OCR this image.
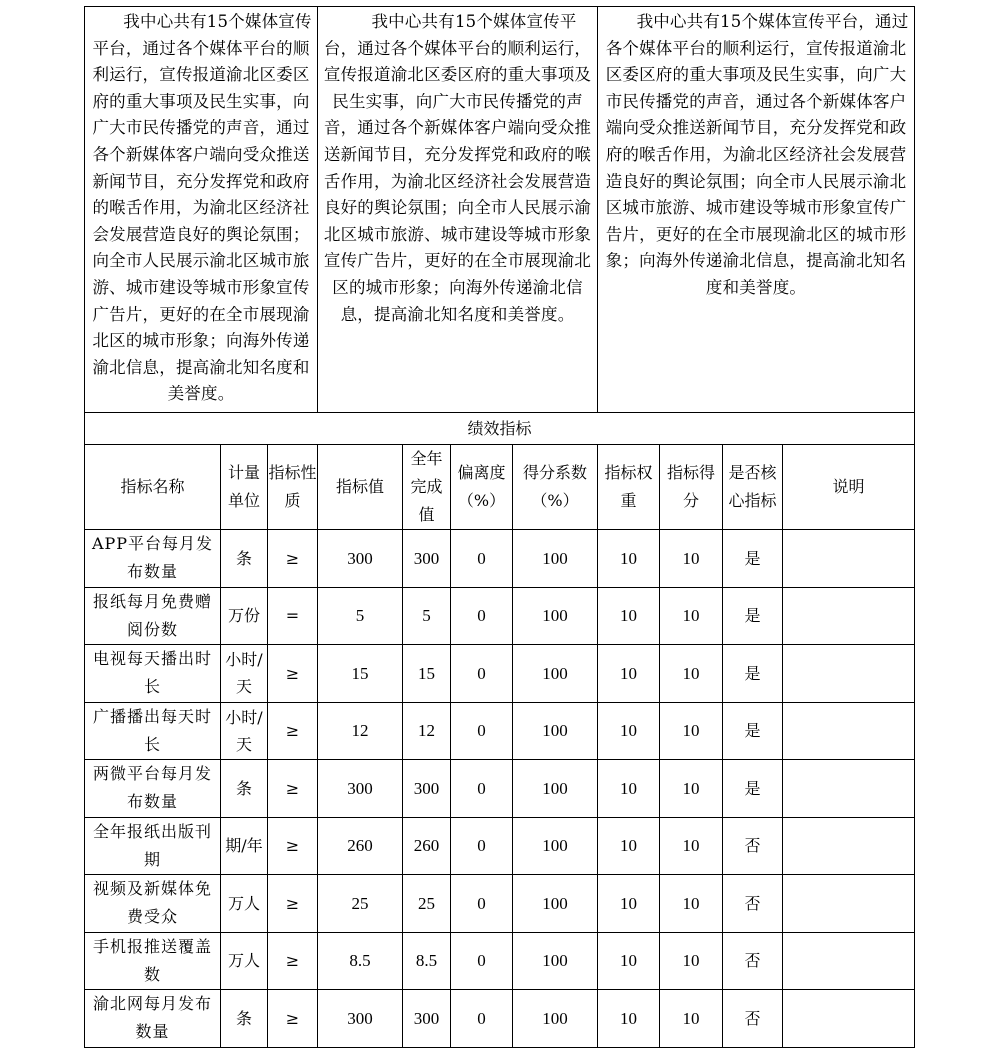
我中心共有15个媒体宣传平台，通过各个媒体平台的顺利运行，宣传报道渝北区委区府的重大事项及民生实事，向广大市民传播党的声音，通过各个新媒体客户端向受众推送新闻节目，充分发挥党和政府的喉舌作用，为渝北区经济社会发展营造良好的舆论氛围；向全市人民展示渝北区城市旅游、城市建设等城市形象宣传广告片，更好的在全市展现渝北区的城市形象；向海外传递渝北信息，提高渝北知名度和美誉度。			我中心共有15个媒体宣传平台，通过各个媒体平台的顺利运行，宣传报道渝北区委区府的重大事项及民生实事，向广大市民传播党的声音，通过各个新媒体客户端向受众推送新闻节目，充分发挥党和政府的喉舌作用，为渝北区经济社会发展营造良好的舆论氛围；向全市人民展示渝北区城市旅游、城市建设等城市形象宣传广告片，更好的在全市展现渝北区的城市形象；向海外传递渝北信息，提高渝北知名度和美誉度。				我中心共有15个媒体宣传平台，通过各个媒体平台的顺利运行，宣传报道渝北区委区府的重大事项及民生实事，向广大市民传播党的声音，通过各个新媒体客户端向受众推送新闻节目，充分发挥党和政府的喉舌作用，为渝北区经济社会发展营造良好的舆论氛围；向全市人民展示渝北区城市旅游、城市建设等城市形象宣传广告片，更好的在全市展现渝北区的城市形象；向海外传递渝北信息，提高渝北知名度和美誉度。			
绩效指标										
指标名称	计量单位	指标性质	指标值	全年完成值	偏离度（%）	得分系数（%）	指标权重	指标得分	是否核心指标	说明
APP平台每月发布数量	条	≥	300	300	0	100	10	10	是	
报纸每月免费赠阅份数	万份	=	5	5	0	100	10	10	是	
电视每天播出时长	小时/天	≥	15	15	0	100	10	10	是	
广播播出每天时长	小时/天	≥	12	12	0	100	10	10	是	
两微平台每月发布数量	条	≥	300	300	0	100	10	10	是	
全年报纸出版刊期	期/年	≥	260	260	0	100	10	10	否	
视频及新媒体免费受众	万人	≥	25	25	0	100	10	10	否	
手机报推送覆盖数	万人	≥	8.5	8.5	0	100	10	10	否	
渝北网每月发布数量	条	≥	300	300	0	100	10	10	否	
